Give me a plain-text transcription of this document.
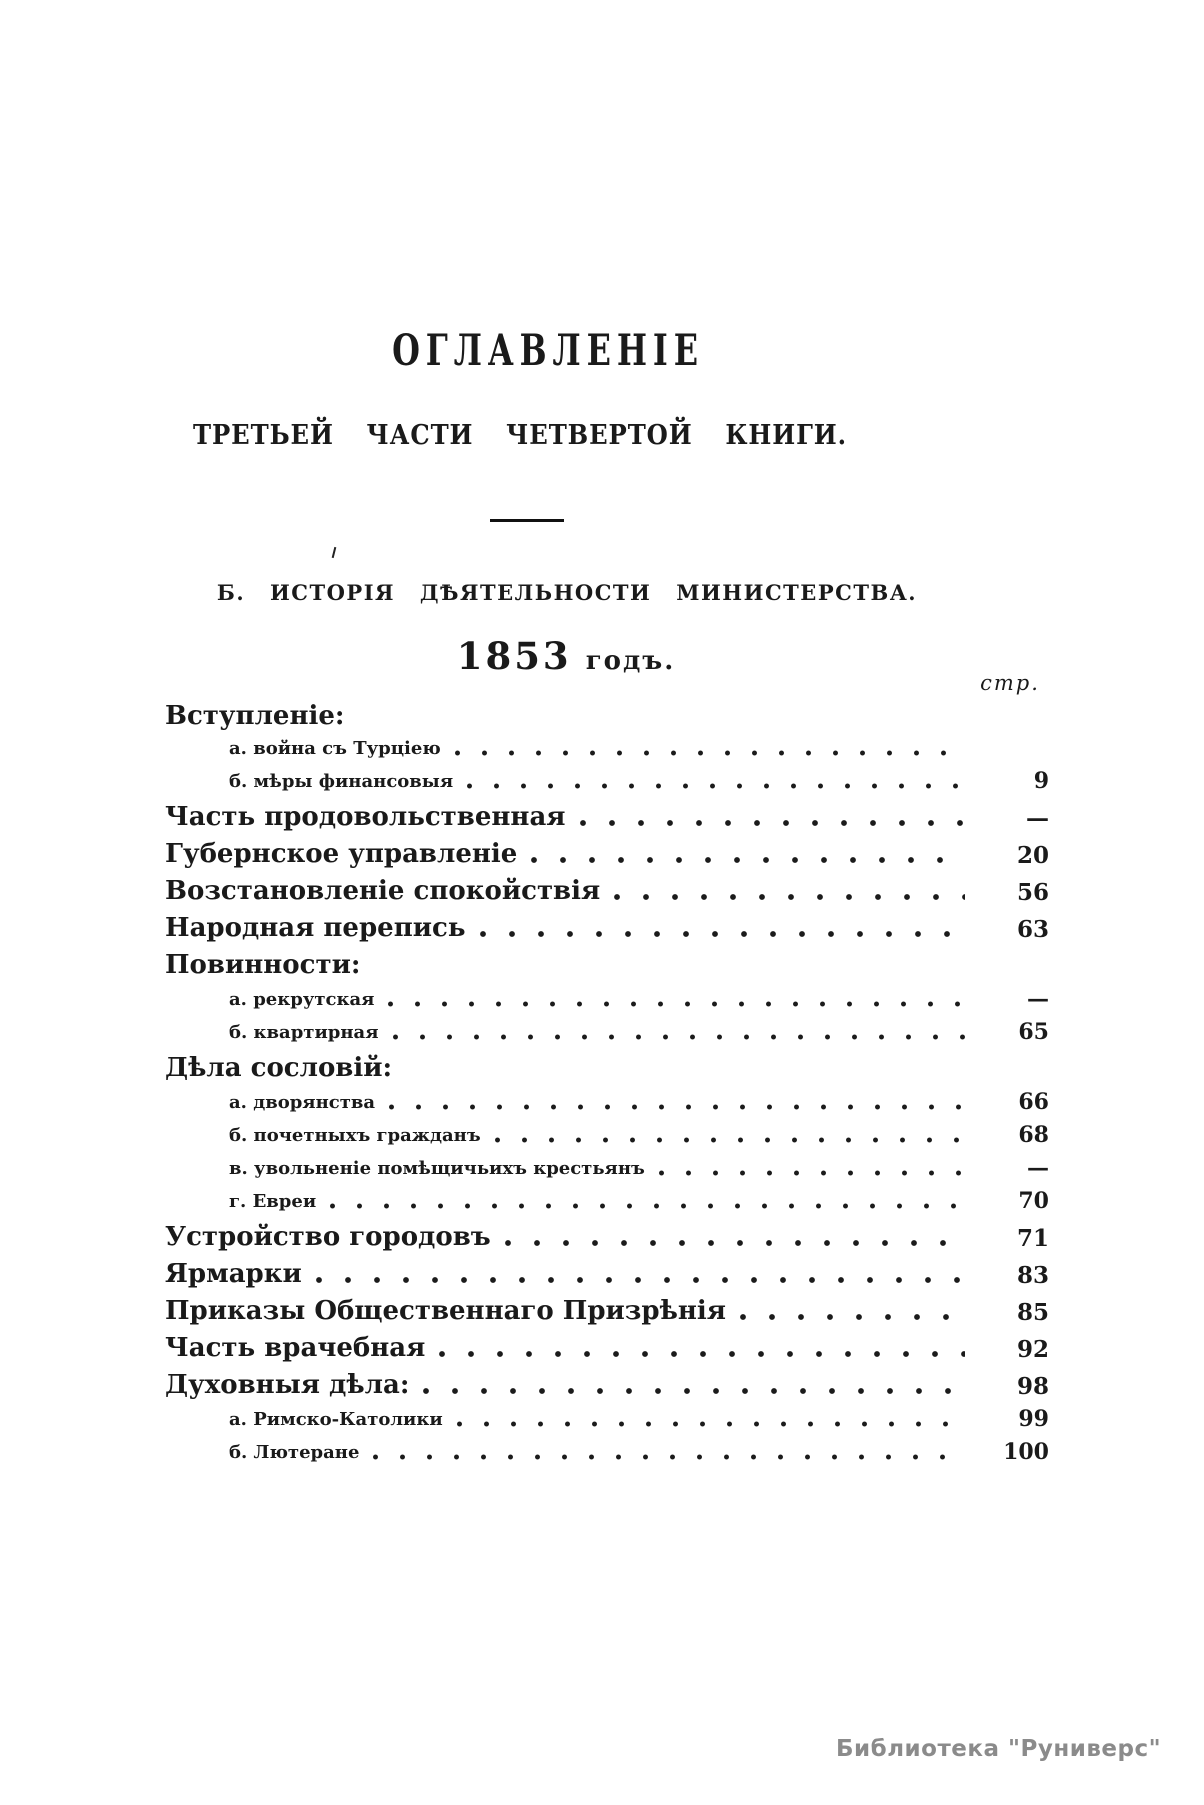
ОГЛАВЛЕНІЕ
ТРЕТЬЕЙ ЧАСТИ ЧЕТВЕРТОЙ КНИГИ.
Б. ИСТОРІЯ ДѢЯТЕЛЬНОСТИ МИНИСТЕРСТВА.
1853 годъ.
стр.
Вступленіе:
а. война съ Турціею
б. мѣры финансовыя	9
Часть продовольственная	—
Губернское управленіе	20
Возстановленіе спокойствія	56
Народная перепись	63
Повинности:
а. рекрутская	—
б. квартирная	65
Дѣла сословій:
а. дворянства	66
б. почетныхъ гражданъ	68
в. увольненіе помѣщичьихъ крестьянъ	—
г. Евреи	70
Устройство городовъ	71
Ярмарки	83
Приказы Общественнаго Призрѣнія	85
Часть врачебная	92
Духовныя дѣла:	98
а. Римско-Католики	99
б. Лютеране	100
Библиотека "Руниверс"
